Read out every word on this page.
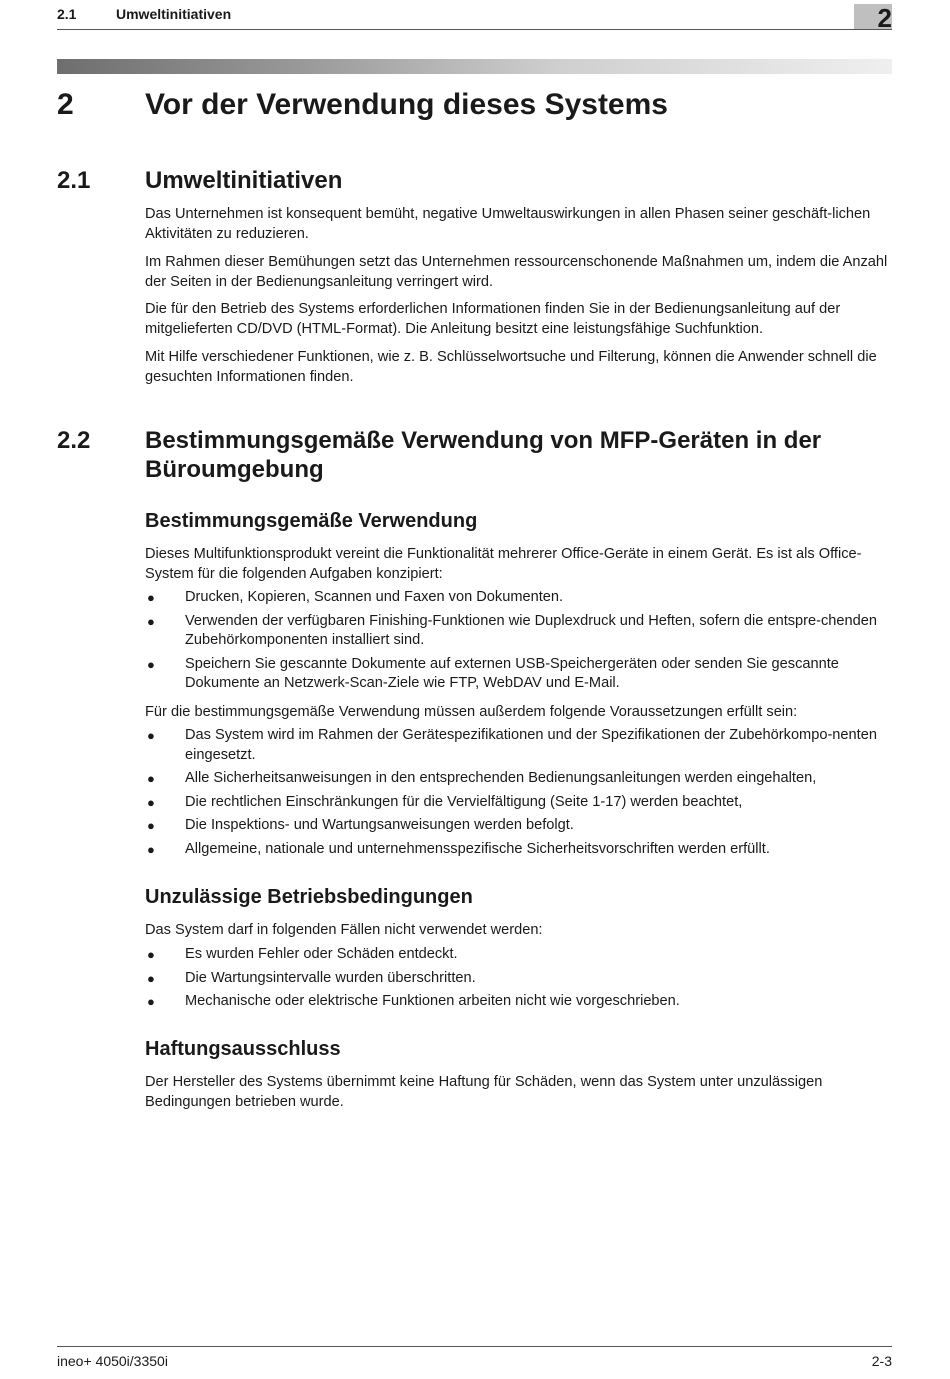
2.1	Umweltinitiativen	2
2 Vor der Verwendung dieses Systems
2.1 Umweltinitiativen

Das Unternehmen ist konsequent bemüht, negative Umweltauswirkungen in allen Phasen seiner geschäft-lichen Aktivitäten zu reduzieren.

Im Rahmen dieser Bemühungen setzt das Unternehmen ressourcenschonende Maßnahmen um, indem die Anzahl der Seiten in der Bedienungsanleitung verringert wird.

Die für den Betrieb des Systems erforderlichen Informationen finden Sie in der Bedienungsanleitung auf der mitgelieferten CD/DVD (HTML-Format). Die Anleitung besitzt eine leistungsfähige Suchfunktion.

Mit Hilfe verschiedener Funktionen, wie z. B. Schlüsselwortsuche und Filterung, können die Anwender schnell die gesuchten Informationen finden.

2.2 Bestimmungsgemäße Verwendung von MFP-Geräten in der Büroumgebung
Bestimmungsgemäße Verwendung

Dieses Multifunktionsprodukt vereint die Funktionalität mehrerer Office-Geräte in einem Gerät. Es ist als Office-System für die folgenden Aufgaben konzipiert:

● Drucken, Kopieren, Scannen und Faxen von Dokumenten.
● Verwenden der verfügbaren Finishing-Funktionen wie Duplexdruck und Heften, sofern die entspre-chenden Zubehörkomponenten installiert sind.
● Speichern Sie gescannte Dokumente auf externen USB-Speichergeräten oder senden Sie gescannte Dokumente an Netzwerk-Scan-Ziele wie FTP, WebDAV und E-Mail.

Für die bestimmungsgemäße Verwendung müssen außerdem folgende Voraussetzungen erfüllt sein:

● Das System wird im Rahmen der Gerätespezifikationen und der Spezifikationen der Zubehörkompo-nenten eingesetzt.
● Alle Sicherheitsanweisungen in den entsprechenden Bedienungsanleitungen werden eingehalten,
● Die rechtlichen Einschränkungen für die Vervielfältigung (Seite 1-17) werden beachtet,
● Die Inspektions- und Wartungsanweisungen werden befolgt.
● Allgemeine, nationale und unternehmensspezifische Sicherheitsvorschriften werden erfüllt.
Unzulässige Betriebsbedingungen

Das System darf in folgenden Fällen nicht verwendet werden:

● Es wurden Fehler oder Schäden entdeckt.
● Die Wartungsintervalle wurden überschritten.
● Mechanische oder elektrische Funktionen arbeiten nicht wie vorgeschrieben.
Haftungsausschluss

Der Hersteller des Systems übernimmt keine Haftung für Schäden, wenn das System unter unzulässigen Bedingungen betrieben wurde.

ineo+ 4050i/3350i	2-3
